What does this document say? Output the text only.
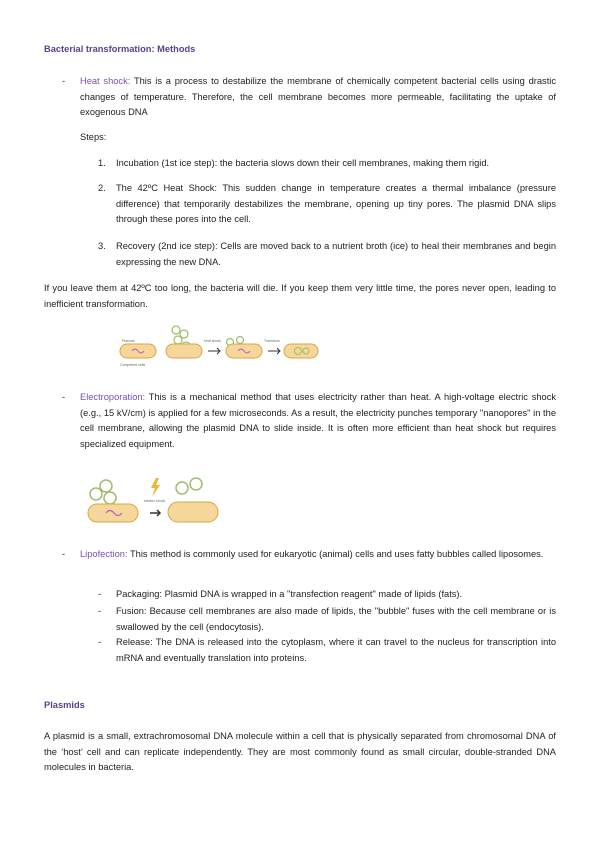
Bacterial transformation: Methods
- Heat shock: This is a process to destabilize the membrane of chemically competent bacterial cells using drastic changes of temperature. Therefore, the cell membrane becomes more permeable, facilitating the uptake of exogenous DNA
Steps:
1. Incubation (1st ice step): the bacteria slows down their cell membranes, making them rigid.
2. The 42ºC Heat Shock: This sudden change in temperature creates a thermal imbalance (pressure difference) that temporarily destabilizes the membrane, opening up tiny pores. The plasmid DNA slips through these pores into the cell.
3. Recovery (2nd ice step): Cells are moved back to a nutrient broth (ice) to heal their membranes and begin expressing the new DNA.
If you leave them at 42ºC too long, the bacteria will die. If you keep them very little time, the pores never open, leading to inefficient transformation.
Plasmid
Competent cells
heat shock	Transform
- Electroporation: This is a mechanical method that uses electricity rather than heat. A high-voltage electric shock (e.g., 15 kV/cm) is applied for a few microseconds. As a result, the electricity punches temporary "nanopores" in the cell membrane, allowing the plasmid DNA to slide inside. It is often more efficient than heat shock but requires specialized equipment.
electric shock
- Lipofection: This method is commonly used for eukaryotic (animal) cells and uses fatty bubbles called liposomes.
- Packaging: Plasmid DNA is wrapped in a "transfection reagent" made of lipids (fats).
- Fusion: Because cell membranes are also made of lipids, the "bubble" fuses with the cell membrane or is swallowed by the cell (endocytosis).
- Release: The DNA is released into the cytoplasm, where it can travel to the nucleus for transcription into mRNA and eventually translation into proteins.
Plasmids
A plasmid is a small, extrachromosomal DNA molecule within a cell that is physically separated from chromosomal DNA of the ‘host’ cell and can replicate independently. They are most commonly found as small circular, double-stranded DNA molecules in bacteria.
